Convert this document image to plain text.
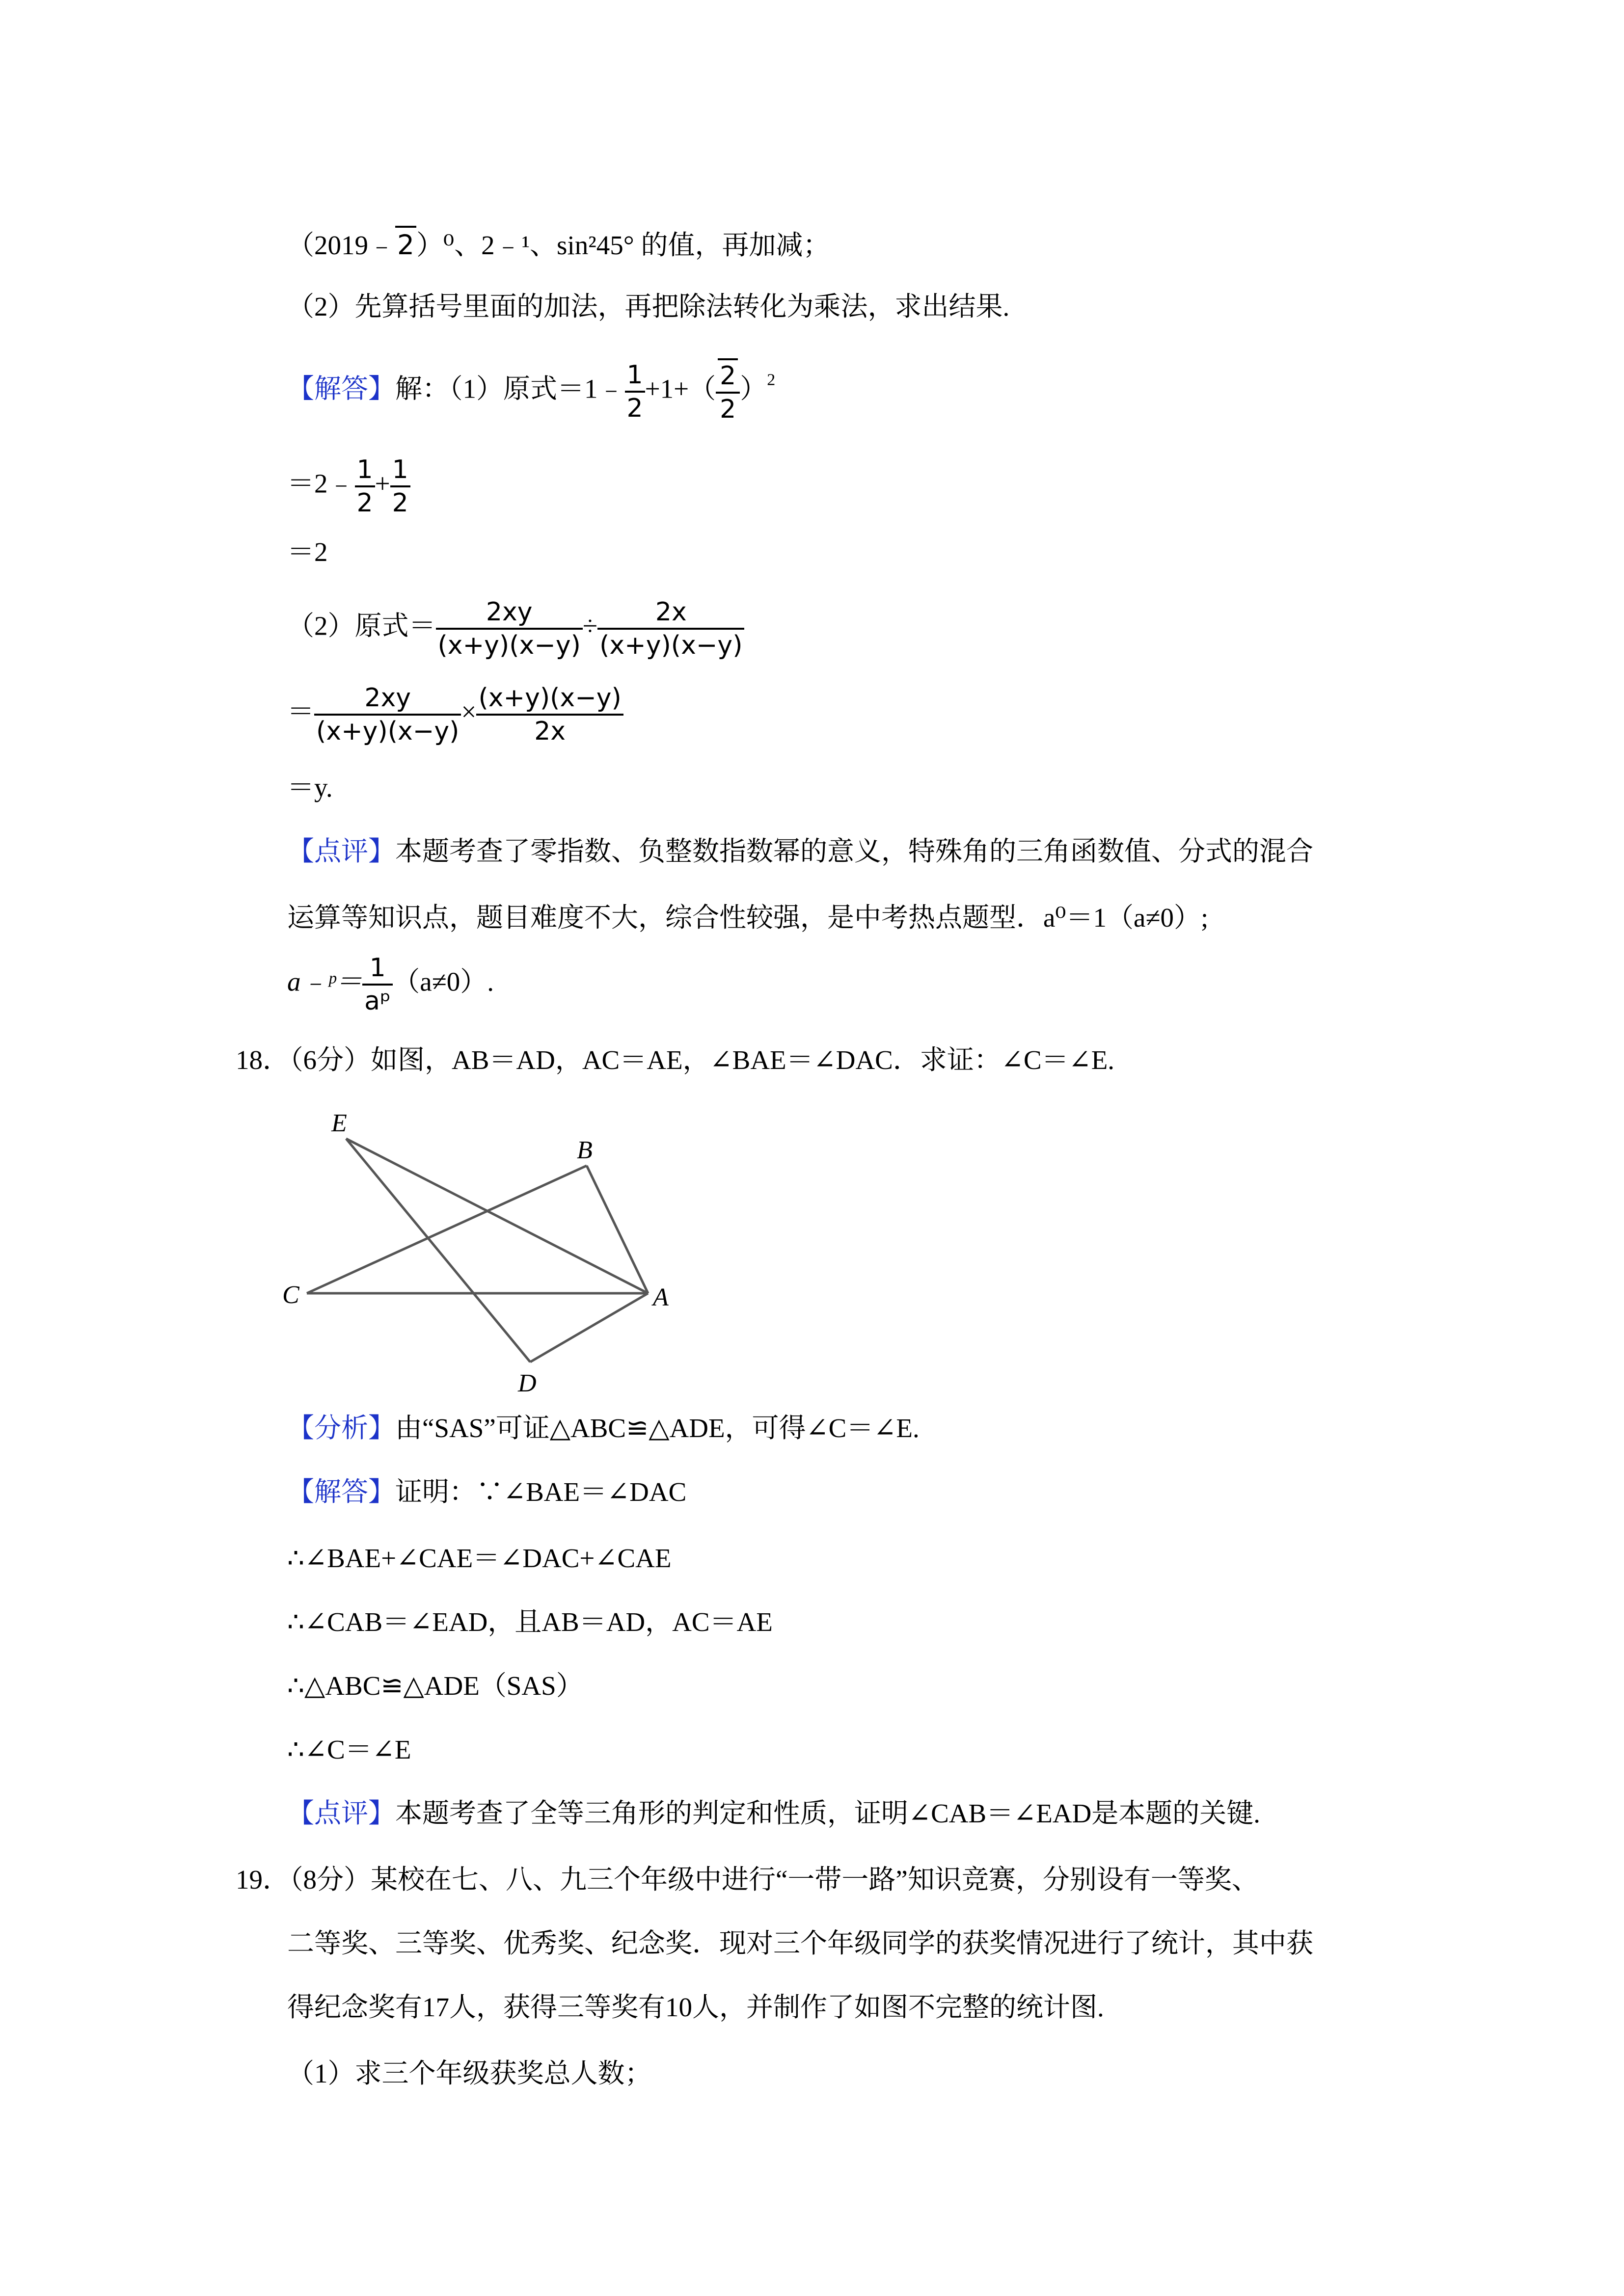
（2019﹣2）⁰、2﹣¹、sin²45° 的值，再加减；
（2）先算括号里面的加法，再把除法转化为乘法，求出结果.
【解答】解：（1）原式＝1﹣ $\frac{1}{2} +1+( \frac{2}{2} )^2$
＝2﹣ $\frac{1}{2} + \frac{1}{2}$
＝2
（2）原式＝ $\frac{2xy}{(x+y)(x-y)} \div \frac{2x}{(x+y)(x-y)}$
＝ $\frac{2xy}{(x+y)(x-y)} \times \frac{(x+y)(x-y)}{2x}$
＝y.
【点评】本题考查了零指数、负整数指数幂的意义，特殊角的三角函数值、分式的混合
运算等知识点，题目难度不大，综合性较强，是中考热点题型．a⁰＝1（a≠0）;
a﹣ᵖ＝ $\frac{1}{\text{aᵖ}} (a\ne 0)$.
18．（6分）如图，AB＝AD，AC＝AE，∠BAE＝∠DAC．求证：∠C＝∠E.
E
B
C	A
D
【分析】由“SAS”可证△ABC≌△ADE，可得∠C＝∠E.
【解答】证明：∵∠BAE＝∠DAC
∴∠BAE+∠CAE＝∠DAC+∠CAE
∴∠CAB＝∠EAD，且AB＝AD，AC＝AE
∴△ABC≌△ADE（SAS）
∴∠C＝∠E
【点评】本题考查了全等三角形的判定和性质，证明∠CAB＝∠EAD是本题的关键.
19．（8分）某校在七、八、九三个年级中进行“一带一路”知识竞赛，分别设有一等奖、
二等奖、三等奖、优秀奖、纪念奖．现对三个年级同学的获奖情况进行了统计，其中获
得纪念奖有17人，获得三等奖有10人，并制作了如图不完整的统计图.
（1）求三个年级获奖总人数；
